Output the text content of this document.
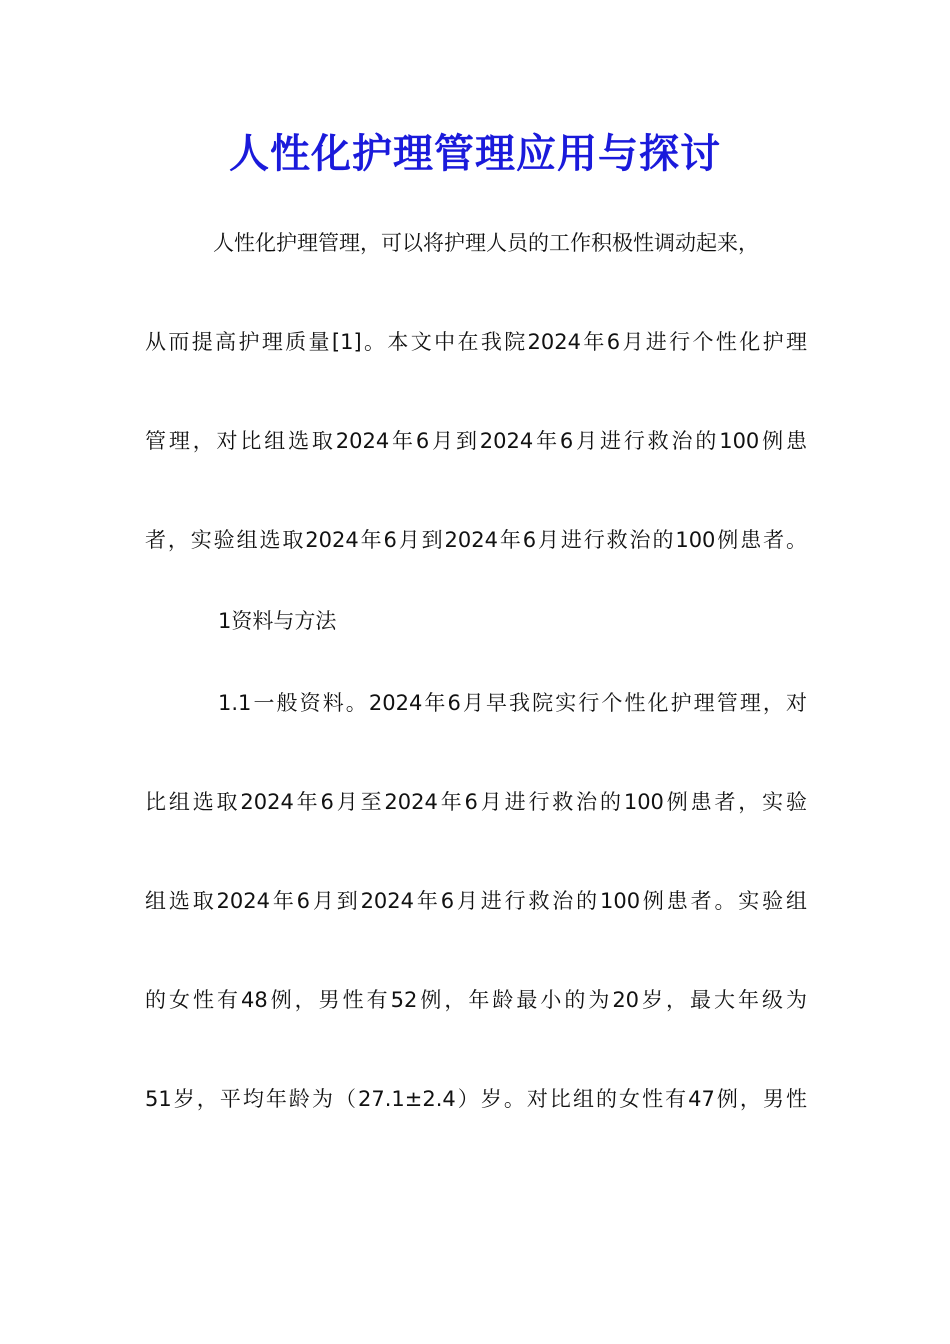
人性化护理管理应用与探讨
人性化护理管理，可以将护理人员的工作积极性调动起来，
从而提高护理质量[1]。本文中在我院2024年6月进行个性化护理
管理，对比组选取2024年6月到2024年6月进行救治的100例患
者，实验组选取2024年6月到2024年6月进行救治的100例患者。
1资料与方法
1.1一般资料。2024年6月早我院实行个性化护理管理，对
比组选取2024年6月至2024年6月进行救治的100例患者，实验
组选取2024年6月到2024年6月进行救治的100例患者。实验组
的女性有48例，男性有52例，年龄最小的为20岁，最大年级为
51岁，平均年龄为（27.1±2.4）岁。对比组的女性有47例，男性
